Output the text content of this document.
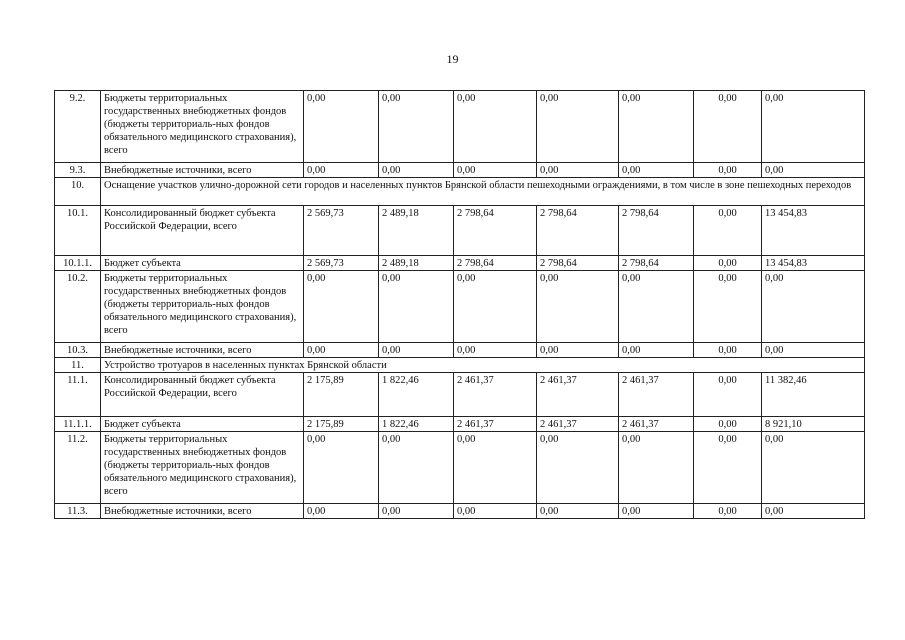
19
9.2.	Бюджеты территориальных государственных внебюджетных фондов (бюджеты территориаль-ных фондов обязательного медицинского страхования), всего	0,00	0,00	0,00	0,00	0,00	0,00	0,00
9.3.	Внебюджетные источники, всего	0,00	0,00	0,00	0,00	0,00	0,00	0,00
10.	Оснащение участков улично-дорожной сети городов и населенных пунктов Брянской области пешеходными ограждениями, в том числе в зоне пешеходных переходов							
10.1.	Консолидированный бюджет субъекта Российской Федерации, всего	2 569,73	2 489,18	2 798,64	2 798,64	2 798,64	0,00	13 454,83
10.1.1.	Бюджет субъекта	2 569,73	2 489,18	2 798,64	2 798,64	2 798,64	0,00	13 454,83
10.2.	Бюджеты территориальных государственных внебюджетных фондов (бюджеты территориаль-ных фондов обязательного медицинского страхования), всего	0,00	0,00	0,00	0,00	0,00	0,00	0,00
10.3.	Внебюджетные источники, всего	0,00	0,00	0,00	0,00	0,00	0,00	0,00
11.	Устройство тротуаров в населенных пунктах Брянской области							
11.1.	Консолидированный бюджет субъекта Российской Федерации, всего	2 175,89	1 822,46	2 461,37	2 461,37	2 461,37	0,00	11 382,46
11.1.1.	Бюджет субъекта	2 175,89	1 822,46	2 461,37	2 461,37	2 461,37	0,00	8 921,10
11.2.	Бюджеты территориальных государственных внебюджетных фондов (бюджеты территориаль-ных фондов обязательного медицинского страхования), всего	0,00	0,00	0,00	0,00	0,00	0,00	0,00
11.3.	Внебюджетные источники, всего	0,00	0,00	0,00	0,00	0,00	0,00	0,00
